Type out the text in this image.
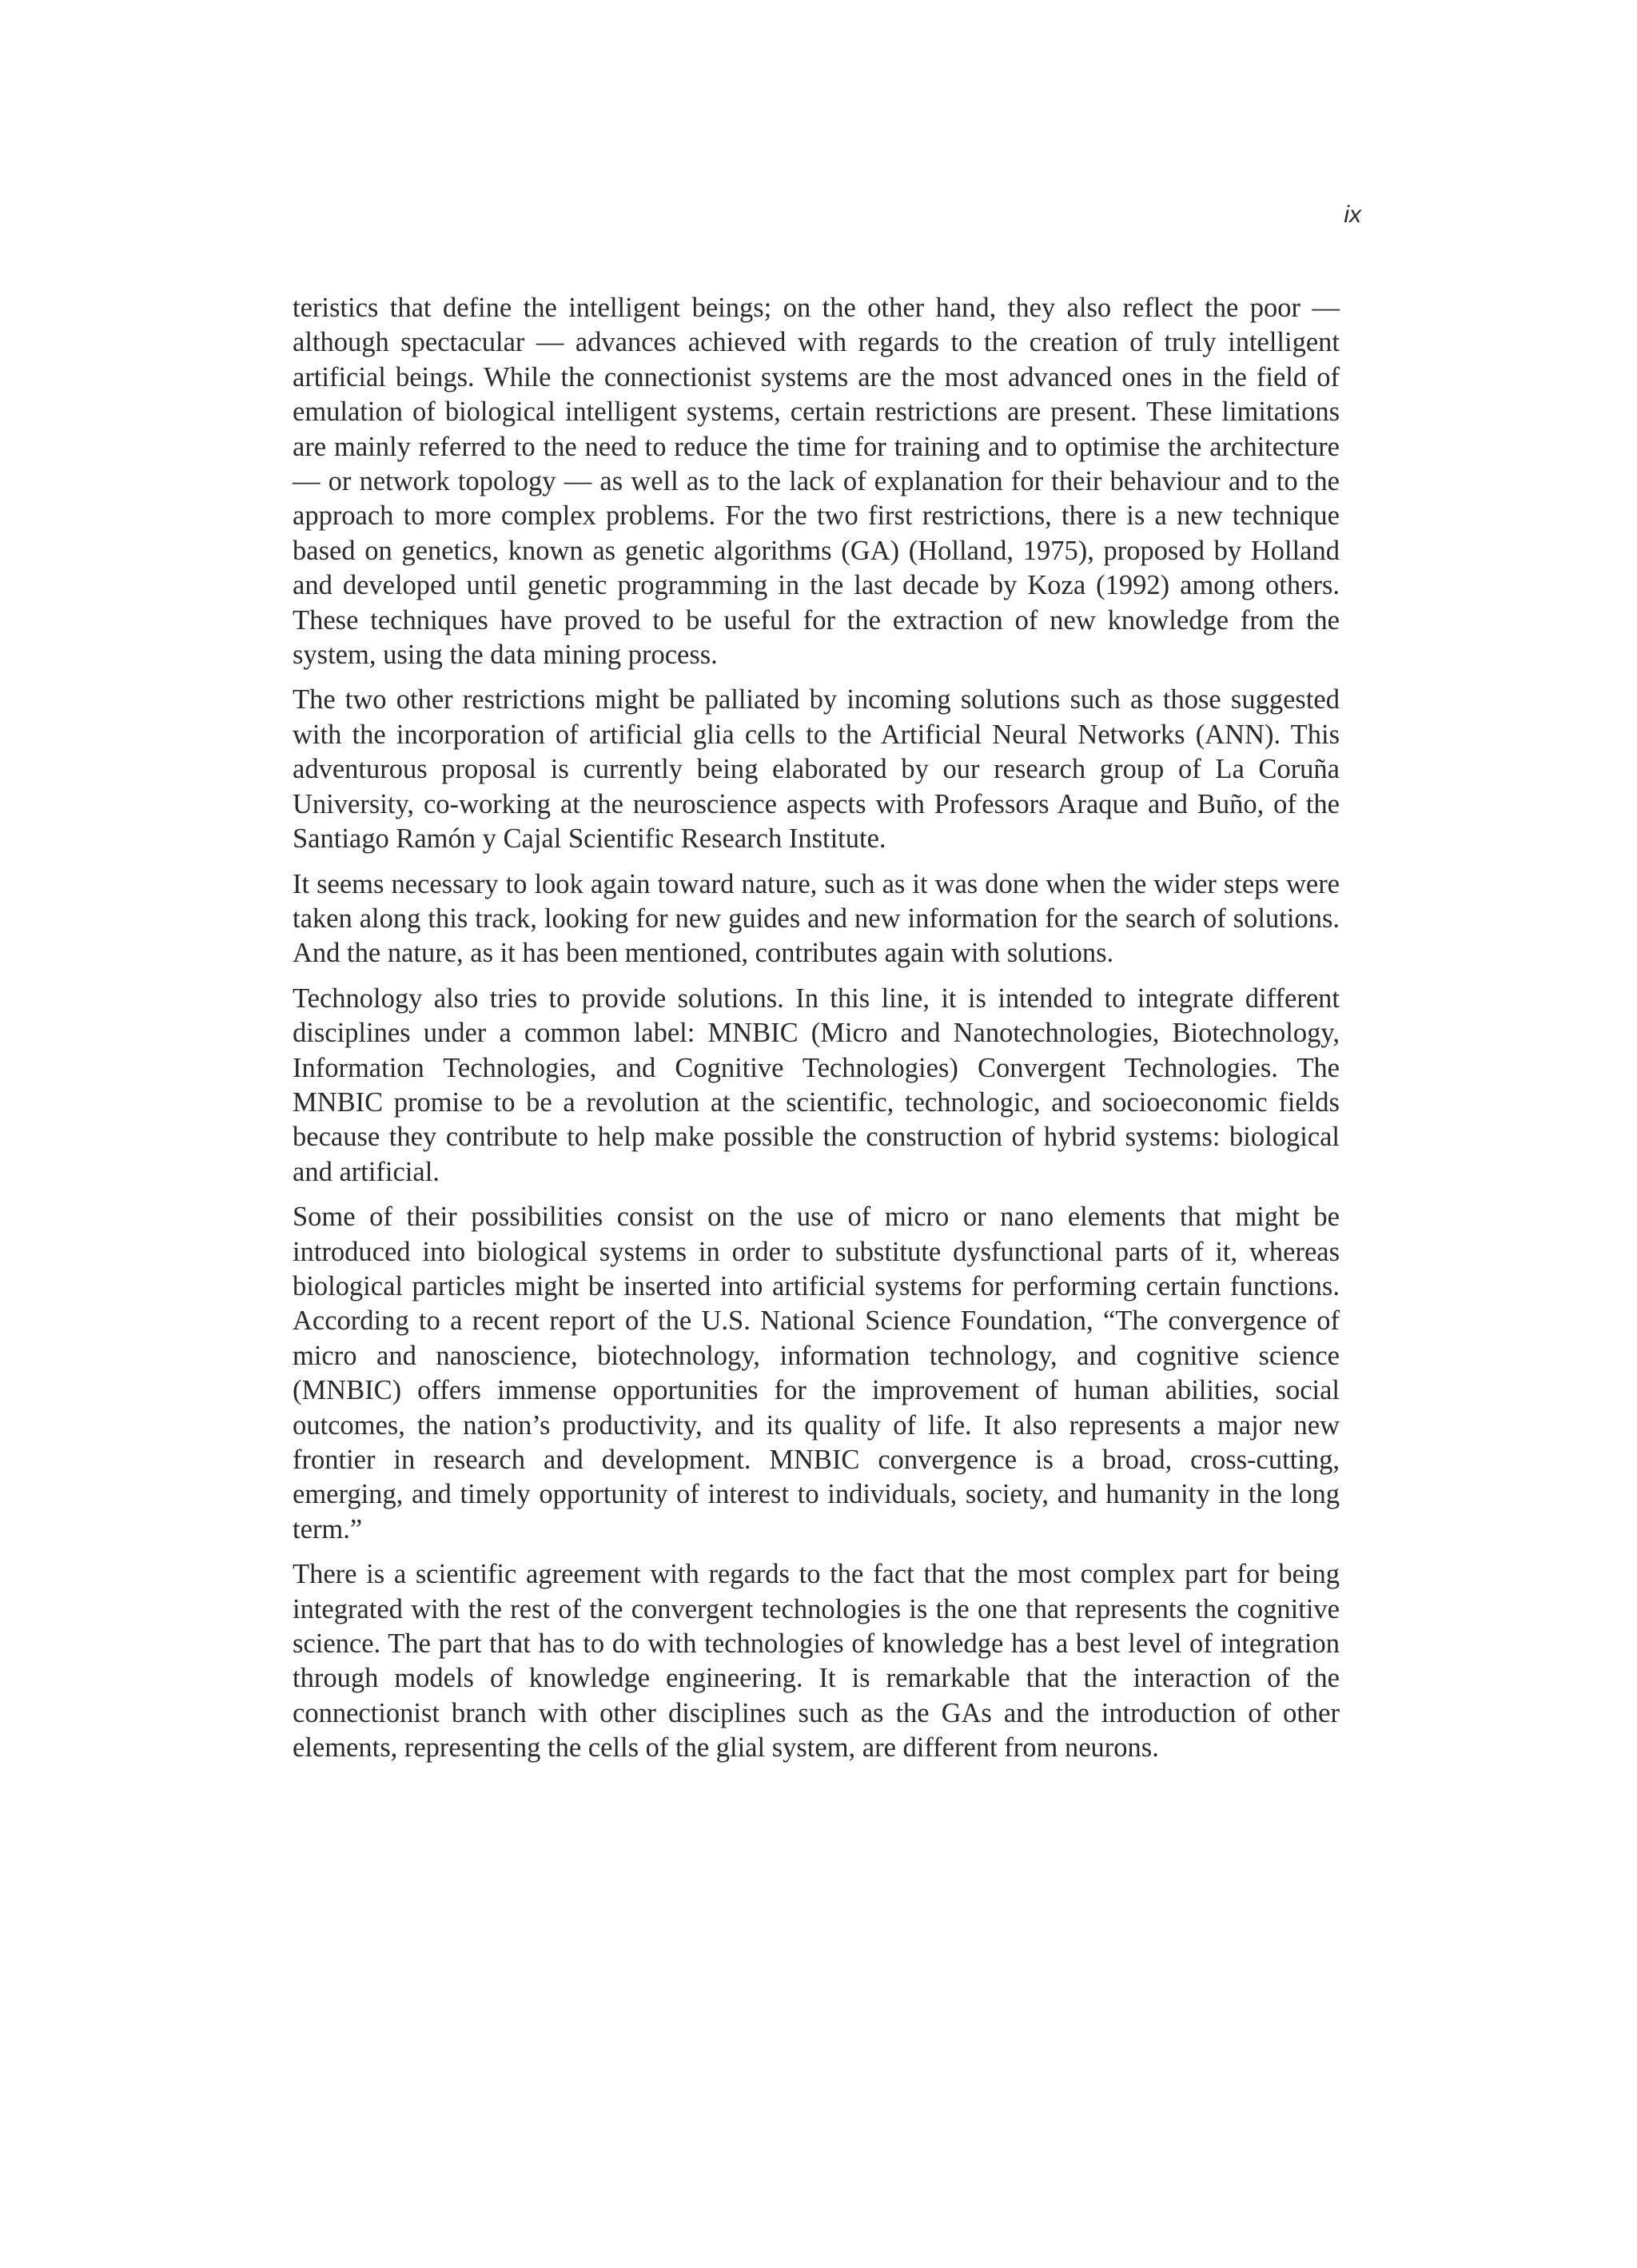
ix

teristics that define the intelligent beings; on the other hand, they also reflect the poor — although spectacular — advances achieved with regards to the creation of truly intelligent artificial beings. While the connectionist systems are the most advanced ones in the field of emulation of biological intelligent systems, certain restrictions are present. These limitations are mainly referred to the need to reduce the time for training and to optimise the architecture — or network topology — as well as to the lack of explanation for their behaviour and to the approach to more complex problems. For the two first restrictions, there is a new technique based on genetics, known as genetic algorithms (GA) (Holland, 1975), proposed by Holland and developed until genetic programming in the last decade by Koza (1992) among others. These techniques have proved to be useful for the extraction of new knowledge from the system, using the data mining process.

The two other restrictions might be palliated by incoming solutions such as those suggested with the incorporation of artificial glia cells to the Artificial Neural Networks (ANN). This adventurous proposal is currently being elaborated by our research group of La Coruña University, co-working at the neuroscience aspects with Professors Araque and Buño, of the Santiago Ramón y Cajal Scientific Research Institute.

It seems necessary to look again toward nature, such as it was done when the wider steps were taken along this track, looking for new guides and new information for the search of solutions. And the nature, as it has been mentioned, contributes again with solutions.

Technology also tries to provide solutions. In this line, it is intended to integrate different disciplines under a common label: MNBIC (Micro and Nanotechnologies, Biotechnology, Information Technologies, and Cognitive Technologies) Convergent Technologies. The MNBIC promise to be a revolution at the scientific, technologic, and socioeconomic fields because they contribute to help make possible the construction of hybrid systems: biological and artificial.

Some of their possibilities consist on the use of micro or nano elements that might be introduced into biological systems in order to substitute dysfunctional parts of it, whereas biological particles might be inserted into artificial systems for performing certain functions. According to a recent report of the U.S. National Science Foundation, “The convergence of micro and nanoscience, biotechnology, information technology, and cognitive science (MNBIC) offers immense opportunities for the improvement of human abilities, social outcomes, the nation’s productivity, and its quality of life. It also represents a major new frontier in research and development. MNBIC convergence is a broad, cross-cutting, emerging, and timely opportunity of interest to individuals, society, and humanity in the long term.”

There is a scientific agreement with regards to the fact that the most complex part for being integrated with the rest of the convergent technologies is the one that represents the cognitive science. The part that has to do with technologies of knowledge has a best level of integration through models of knowledge engineering. It is remarkable that the interaction of the connectionist branch with other disciplines such as the GAs and the introduction of other elements, representing the cells of the glial system, are different from neurons.
